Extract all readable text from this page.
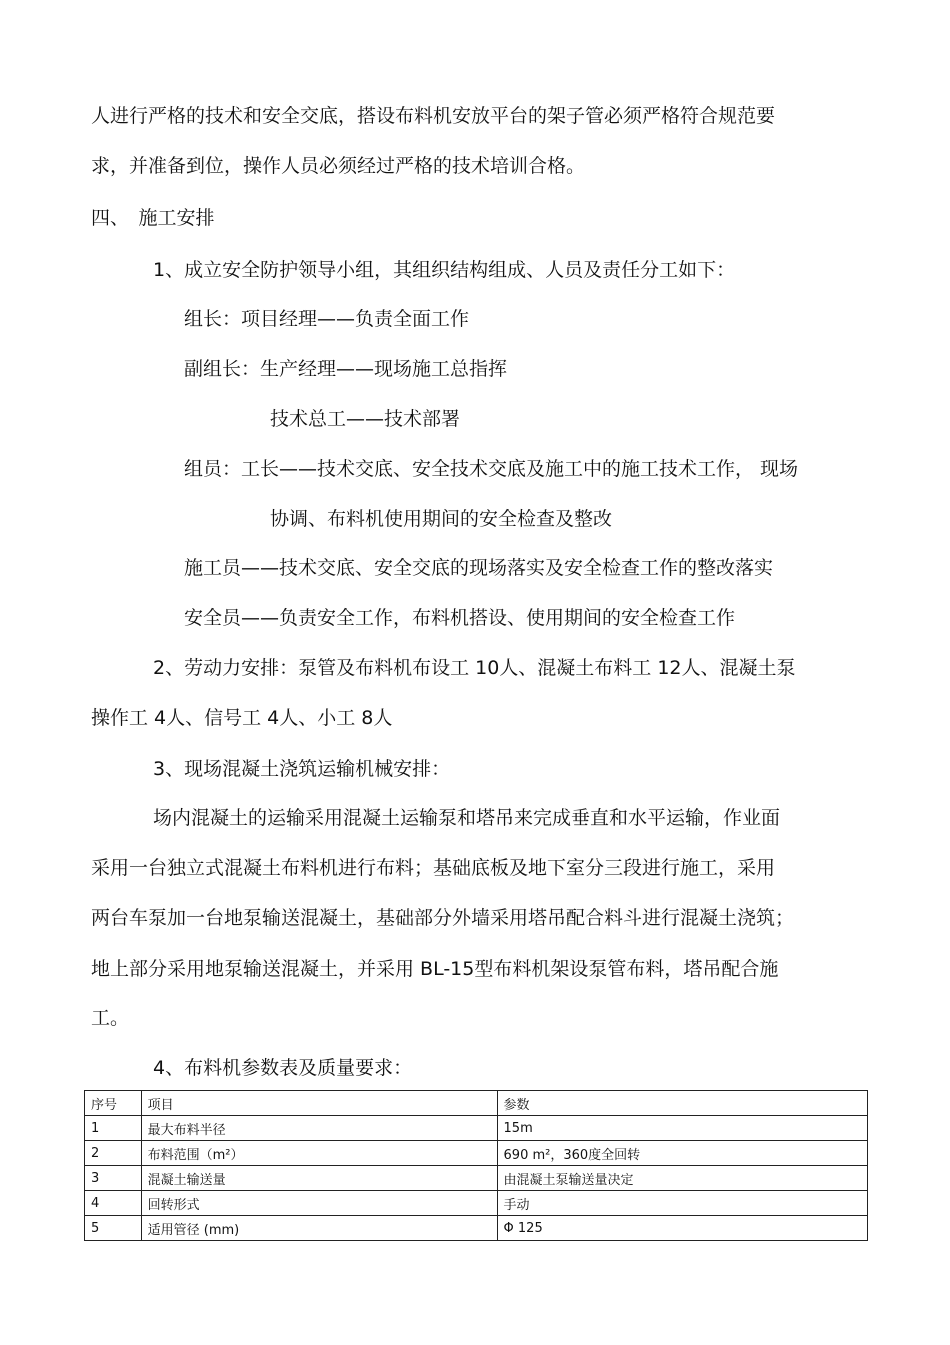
人进行严格的技术和安全交底，搭设布料机安放平台的架子管必须严格符合规范要
求，并准备到位，操作人员必须经过严格的技术培训合格。
四、　施工安排
1、成立安全防护领导小组，其组织结构组成、人员及责任分工如下：
组长：项目经理——负责全面工作
副组长：生产经理——现场施工总指挥
技术总工——技术部署
组员：工长——技术交底、安全技术交底及施工中的施工技术工作， 现场
协调、布料机使用期间的安全检查及整改
施工员——技术交底、安全交底的现场落实及安全检查工作的整改落实
安全员——负责安全工作，布料机搭设、使用期间的安全检查工作
2、劳动力安排：泵管及布料机布设工 10人、混凝土布料工 12人、混凝土泵
操作工 4人、信号工 4人、小工 8人
3、现场混凝土浇筑运输机械安排：
场内混凝土的运输采用混凝土运输泵和塔吊来完成垂直和水平运输，作业面
采用一台独立式混凝土布料机进行布料；基础底板及地下室分三段进行施工，采用
两台车泵加一台地泵输送混凝土，基础部分外墙采用塔吊配合料斗进行混凝土浇筑；
地上部分采用地泵输送混凝土，并采用 BL-15型布料机架设泵管布料，塔吊配合施
工。
4、布料机参数表及质量要求：
序号	项目	参数
1	最大布料半径	15m
2	布料范围（m²）	690 m²，360度全回转
3	混凝土输送量	由混凝土泵输送量决定
4	回转形式	手动
5	适用管径 (mm)	Φ 125
